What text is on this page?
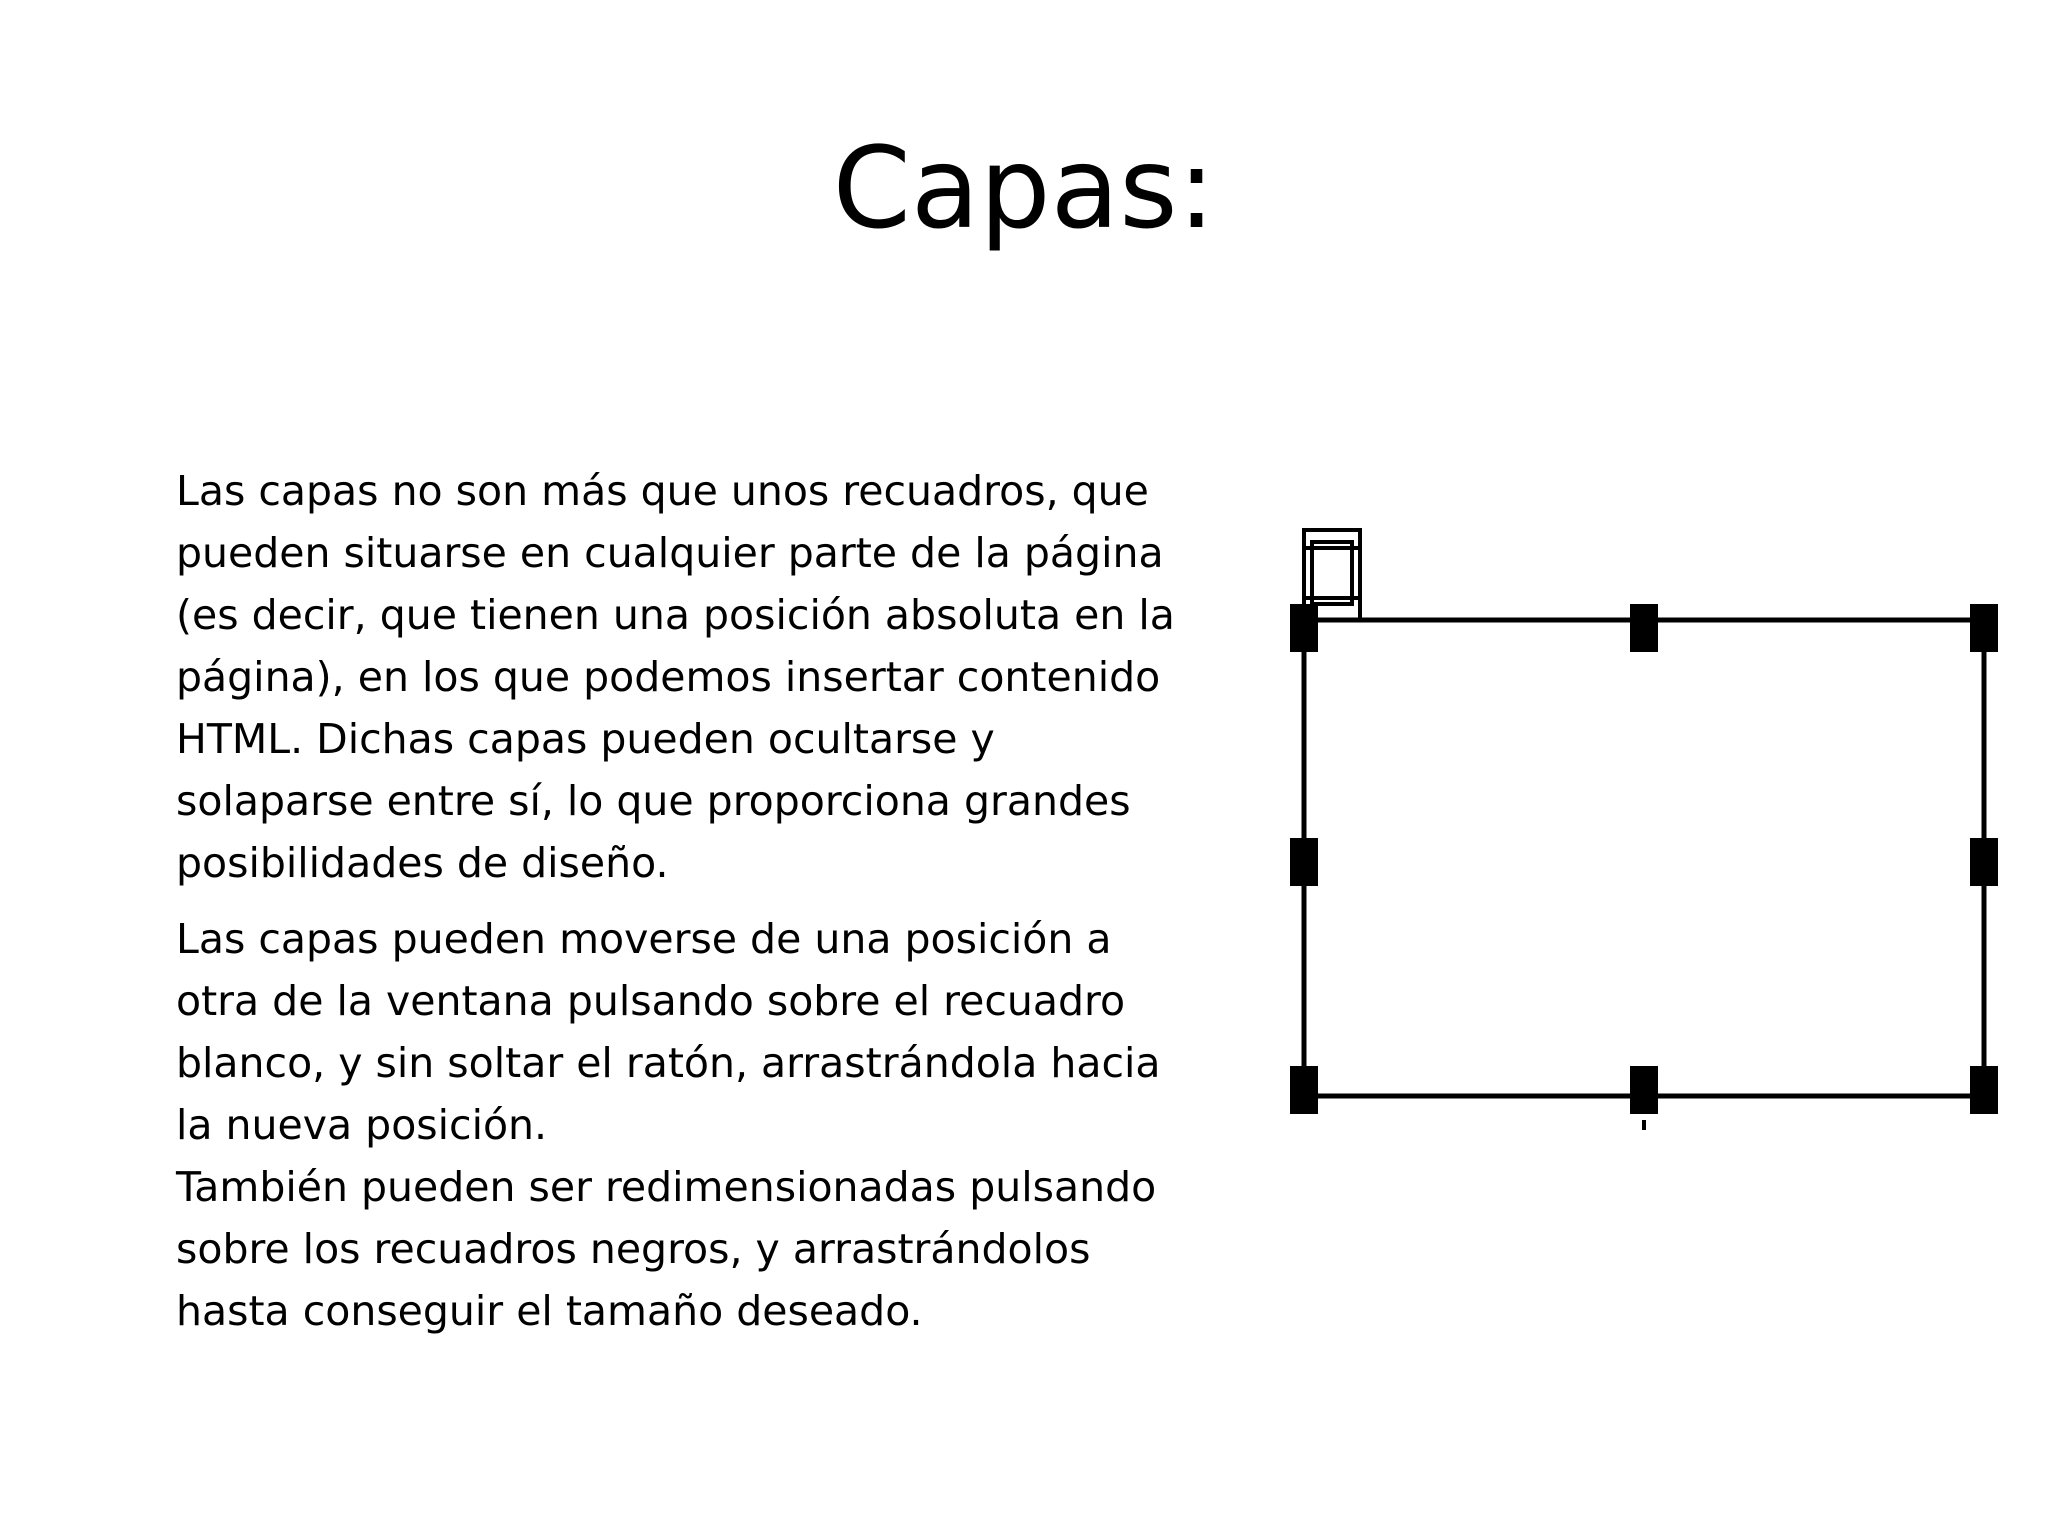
Capas:

Las capas no son más que unos recuadros, que
pueden situarse en cualquier parte de la página
(es decir, que tienen una posición absoluta en la
página), en los que podemos insertar contenido
HTML. Dichas capas pueden ocultarse y
solaparse entre sí, lo que proporciona grandes
posibilidades de diseño.

Las capas pueden moverse de una posición a
otra de la ventana pulsando sobre el recuadro
blanco, y sin soltar el ratón, arrastrándola hacia
la nueva posición.
También pueden ser redimensionadas pulsando
sobre los recuadros negros, y arrastrándolos
hasta conseguir el tamaño deseado.
